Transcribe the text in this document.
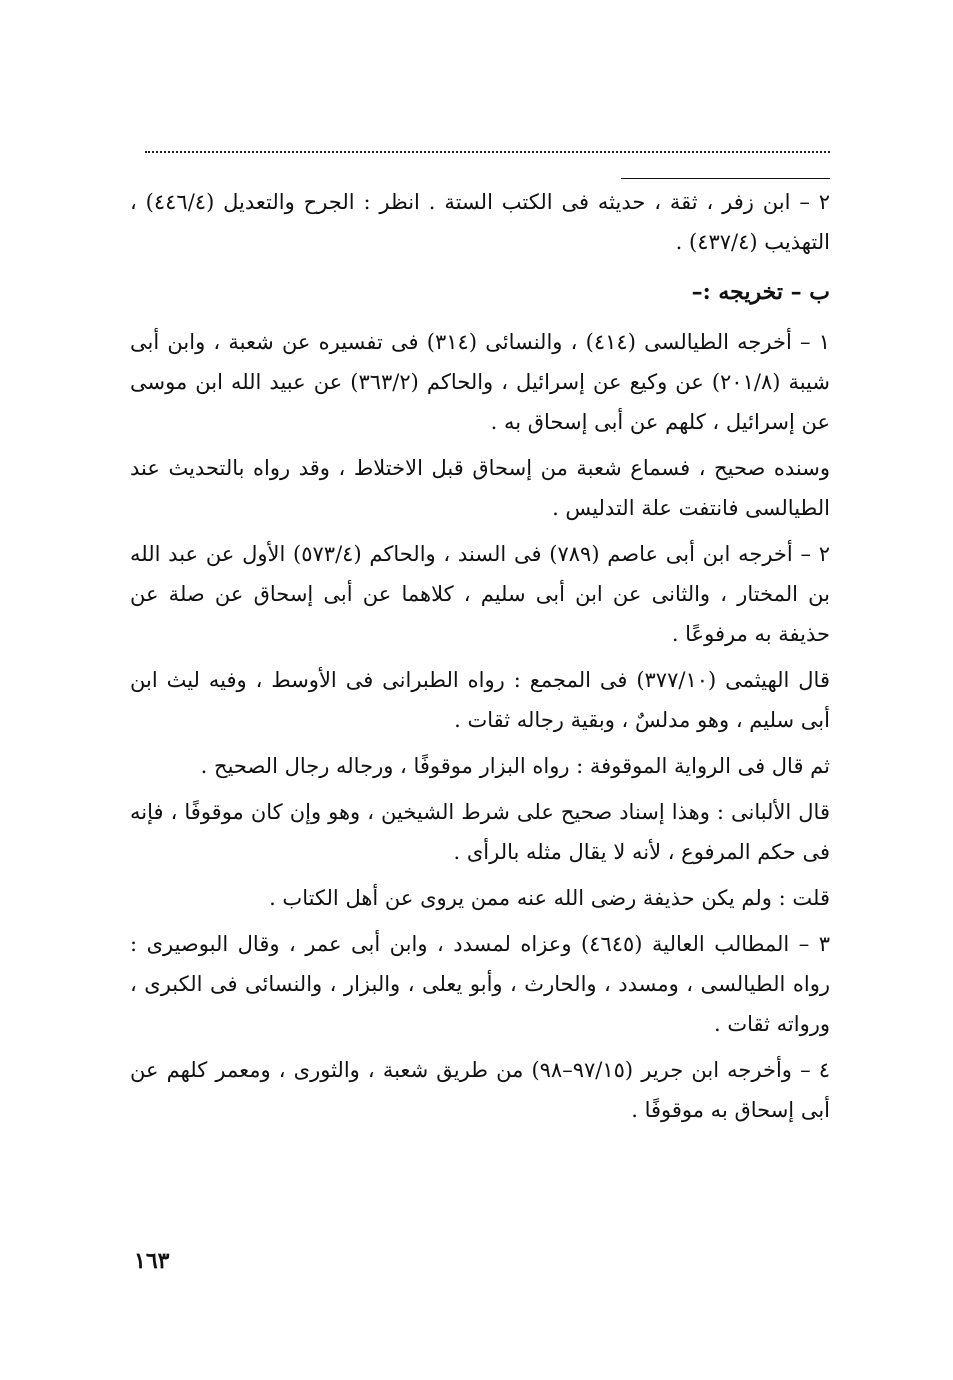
٢ – ابن زفر ، ثقة ، حديثه فى الكتب الستة . انظر : الجرح والتعديل (٤٤٦/٤) ، التهذيب (٤٣٧/٤) .

ب – تخريجه :–

١ – أخرجه الطيالسى (٤١٤) ، والنسائى (٣١٤) فى تفسيره عن شعبة ، وابن أبى شيبة (٢٠١/٨) عن وكيع عن إسرائيل ، والحاكم (٣٦٣/٢) عن عبيد الله ابن موسى عن إسرائيل ، كلهم عن أبى إسحاق به .

وسنده صحيح ، فسماع شعبة من إسحاق قبل الاختلاط ، وقد رواه بالتحديث عند الطيالسى فانتفت علة التدليس .

٢ – أخرجه ابن أبى عاصم (٧٨٩) فى السند ، والحاكم (٥٧٣/٤) الأول عن عبد الله بن المختار ، والثانى عن ابن أبى سليم ، كلاهما عن أبى إسحاق عن صلة عن حذيفة به مرفوعًا .

قال الهيثمى (٣٧٧/١٠) فى المجمع : رواه الطبرانى فى الأوسط ، وفيه ليث ابن أبى سليم ، وهو مدلسٌ ، وبقية رجاله ثقات .

ثم قال فى الرواية الموقوفة : رواه البزار موقوفًا ، ورجاله رجال الصحيح .

قال الألبانى : وهذا إسناد صحيح على شرط الشيخين ، وهو وإن كان موقوفًا ، فإنه فى حكم المرفوع ، لأنه لا يقال مثله بالرأى .

قلت : ولم يكن حذيفة رضى الله عنه ممن يروى عن أهل الكتاب .

٣ – المطالب العالية (٤٦٤٥) وعزاه لمسدد ، وابن أبى عمر ، وقال البوصيرى : رواه الطيالسى ، ومسدد ، والحارث ، وأبو يعلى ، والبزار ، والنسائى فى الكبرى ، ورواته ثقات .

٤ – وأخرجه ابن جرير (٩٧/١٥–٩٨) من طريق شعبة ، والثورى ، ومعمر كلهم عن أبى إسحاق به موقوفًا .

١٦٣
